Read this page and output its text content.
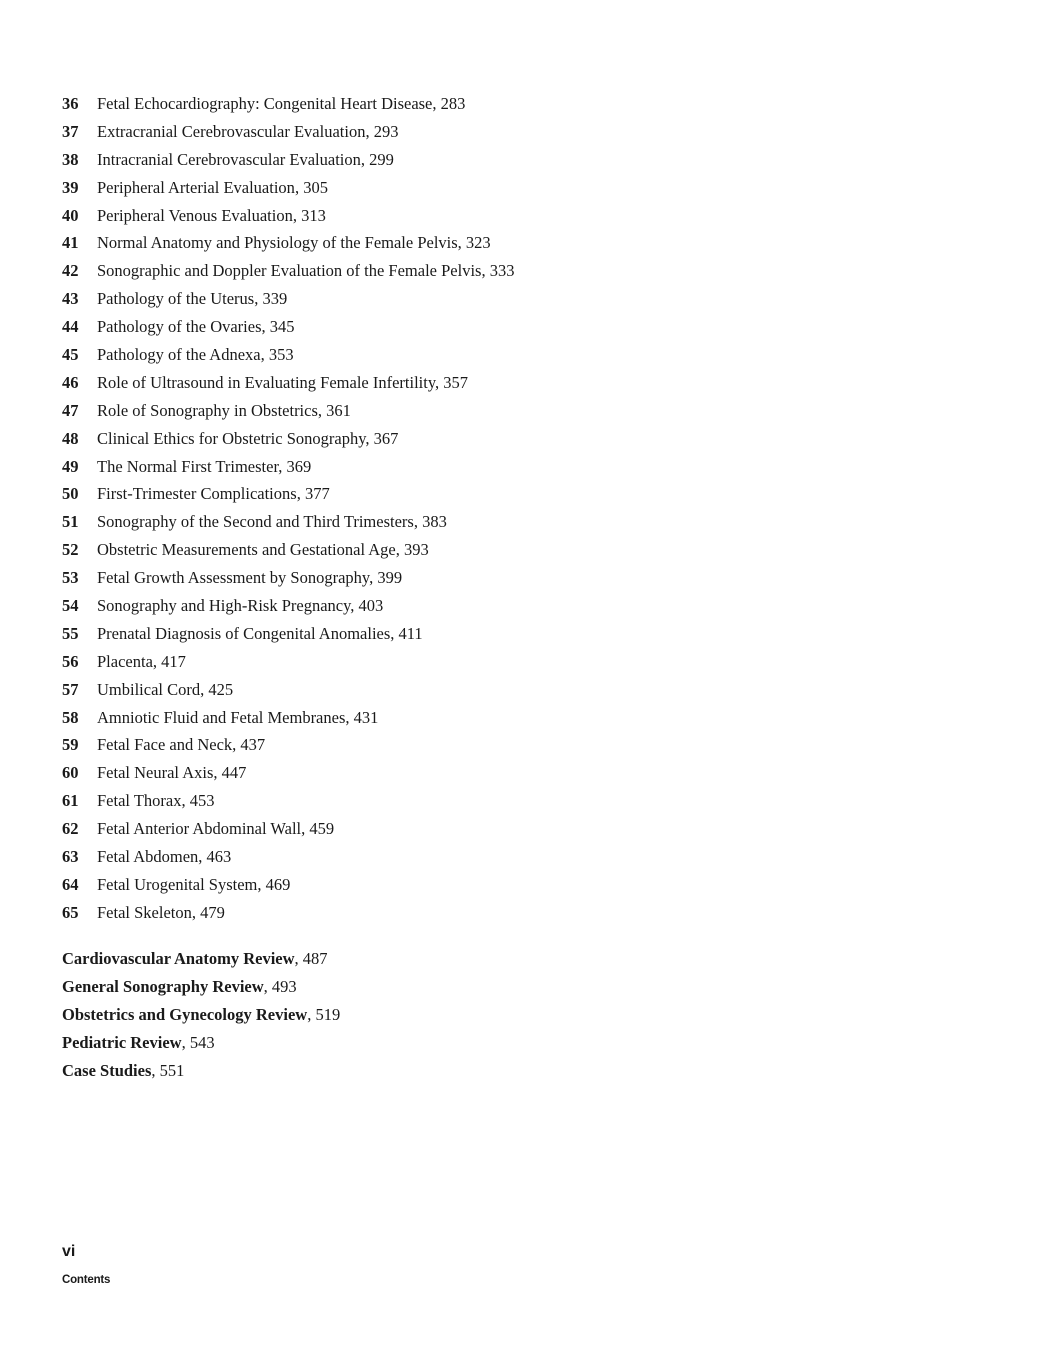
36 Fetal Echocardiography: Congenital Heart Disease, 283
37 Extracranial Cerebrovascular Evaluation, 293
38 Intracranial Cerebrovascular Evaluation, 299
39 Peripheral Arterial Evaluation, 305
40 Peripheral Venous Evaluation, 313
41 Normal Anatomy and Physiology of the Female Pelvis, 323
42 Sonographic and Doppler Evaluation of the Female Pelvis, 333
43 Pathology of the Uterus, 339
44 Pathology of the Ovaries, 345
45 Pathology of the Adnexa, 353
46 Role of Ultrasound in Evaluating Female Infertility, 357
47 Role of Sonography in Obstetrics, 361
48 Clinical Ethics for Obstetric Sonography, 367
49 The Normal First Trimester, 369
50 First-Trimester Complications, 377
51 Sonography of the Second and Third Trimesters, 383
52 Obstetric Measurements and Gestational Age, 393
53 Fetal Growth Assessment by Sonography, 399
54 Sonography and High-Risk Pregnancy, 403
55 Prenatal Diagnosis of Congenital Anomalies, 411
56 Placenta, 417
57 Umbilical Cord, 425
58 Amniotic Fluid and Fetal Membranes, 431
59 Fetal Face and Neck, 437
60 Fetal Neural Axis, 447
61 Fetal Thorax, 453
62 Fetal Anterior Abdominal Wall, 459
63 Fetal Abdomen, 463
64 Fetal Urogenital System, 469
65 Fetal Skeleton, 479
Cardiovascular Anatomy Review, 487
General Sonography Review, 493
Obstetrics and Gynecology Review, 519
Pediatric Review, 543
Case Studies, 551
vi
Contents
